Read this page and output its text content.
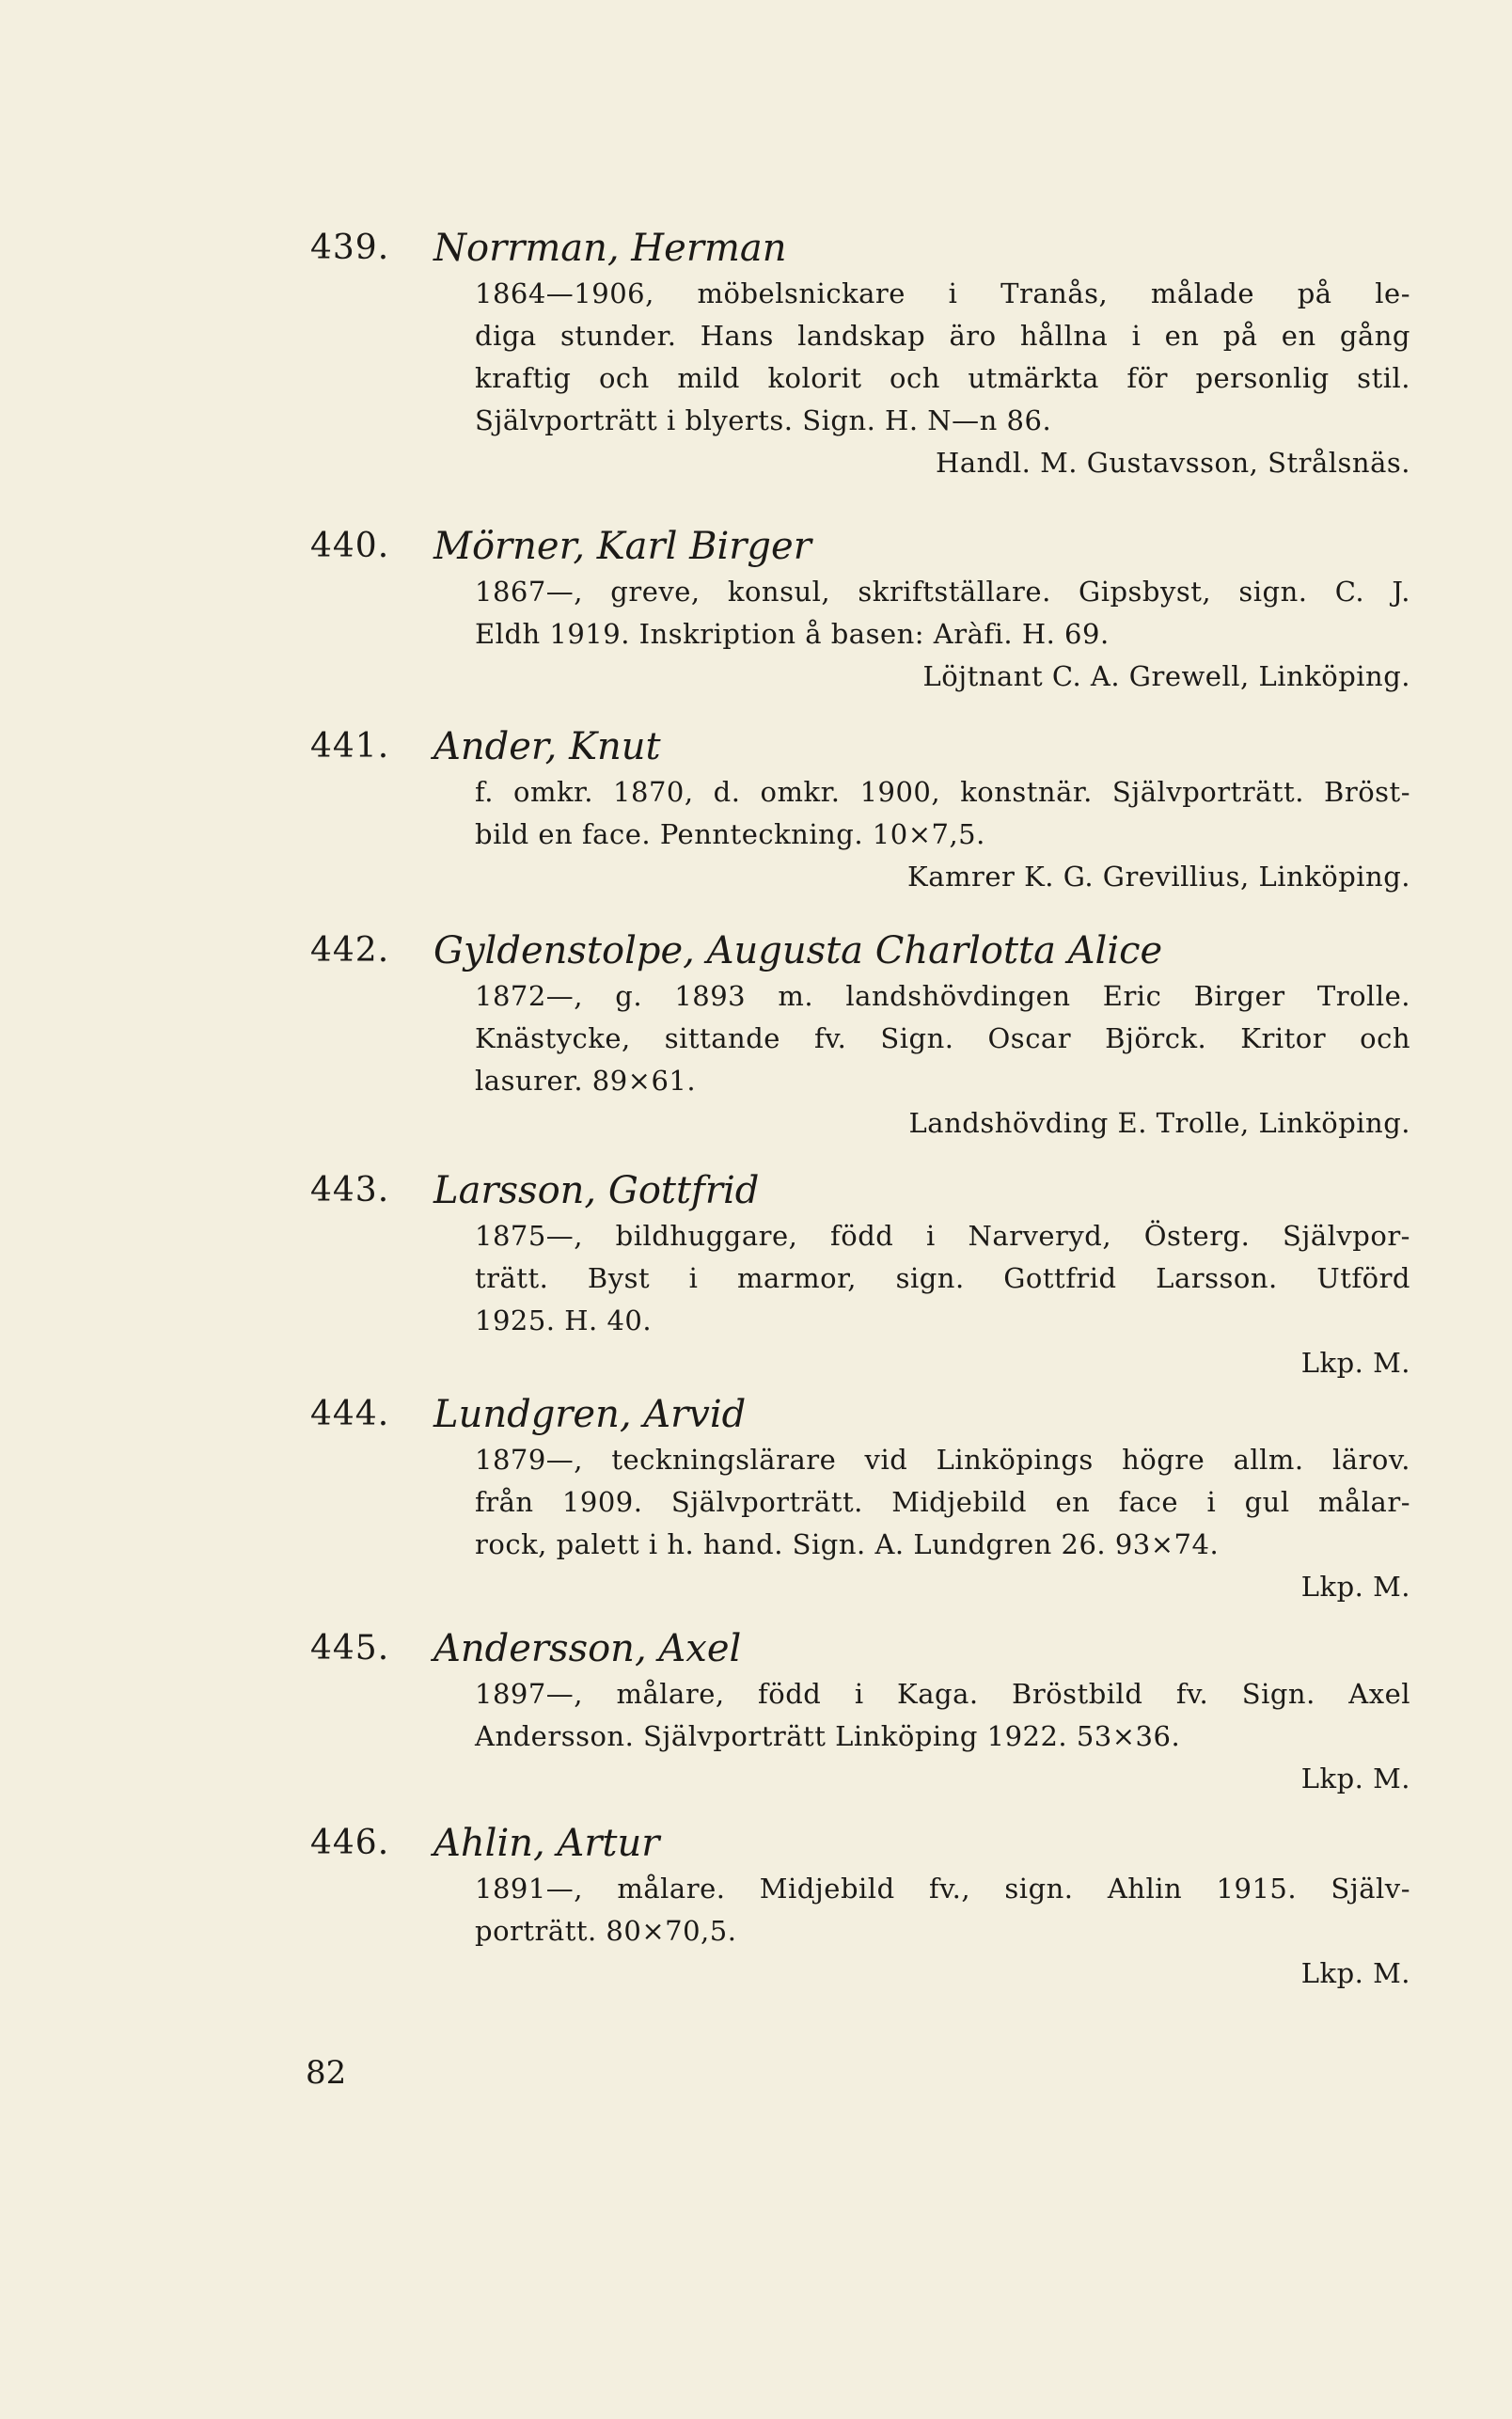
439. Norrman, Herman
1864—1906, möbelsnickare i Tranås, målade på le-
diga stunder. Hans landskap äro hållna i en på en gång
kraftig och mild kolorit och utmärkta för personlig stil.
Självporträtt i blyerts. Sign. H. N—n 86.
Handl. M. Gustavsson, Strålsnäs.
440. Mörner, Karl Birger
1867—, greve, konsul, skriftställare. Gipsbyst, sign. C. J.
Eldh 1919. Inskription å basen: Aràfi. H. 69.
Löjtnant C. A. Grewell, Linköping.
441. Ander, Knut
f. omkr. 1870, d. omkr. 1900, konstnär. Självporträtt. Bröst-
bild en face. Pennteckning. 10×7,5.
Kamrer K. G. Grevillius, Linköping.
442. Gyldenstolpe, Augusta Charlotta Alice
1872—, g. 1893 m. landshövdingen Eric Birger Trolle.
Knästycke, sittande fv. Sign. Oscar Björck. Kritor och
lasurer. 89×61.
Landshövding E. Trolle, Linköping.
443. Larsson, Gottfrid
1875—, bildhuggare, född i Narveryd, Österg. Självpor-
trätt. Byst i marmor, sign. Gottfrid Larsson. Utförd
1925. H. 40.
Lkp. M.
444. Lundgren, Arvid
1879—, teckningslärare vid Linköpings högre allm. lärov.
från 1909. Självporträtt. Midjebild en face i gul målar-
rock, palett i h. hand. Sign. A. Lundgren 26. 93×74.
Lkp. M.
445. Andersson, Axel
1897—, målare, född i Kaga. Bröstbild fv. Sign. Axel
Andersson. Självporträtt Linköping 1922. 53×36.
Lkp. M.
446. Ahlin, Artur
1891—, målare. Midjebild fv., sign. Ahlin 1915. Själv-
porträtt. 80×70,5.
Lkp. M.
82
